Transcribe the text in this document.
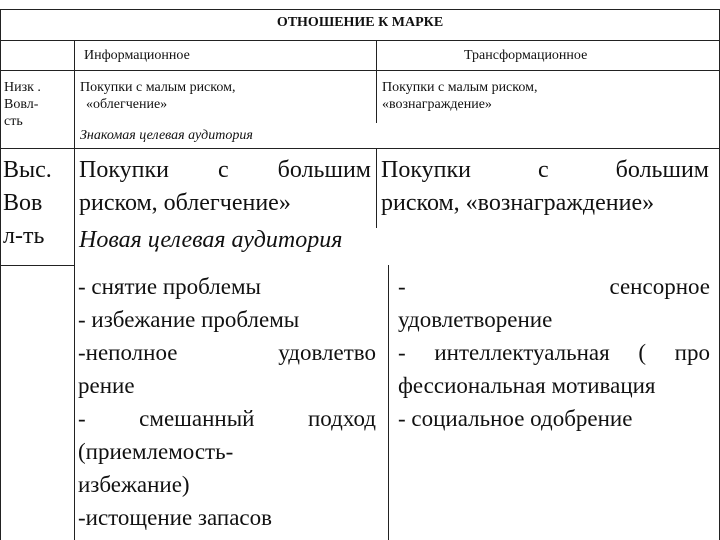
ОТНОШЕНИЕ К МАРКЕ
Информационное	Трансформационное
Низк .
Вовл-
сть
Покупки с малым риском,
«облегчение»
Покупки с малым риском,
«вознаграждение»
Знакомая целевая аудитория
Выс.
Вов
л-ть
Покупки с большим
риском, облегчение»
Покупки с большим
риском, «вознаграждение»
Новая целевая аудитория
- снятие проблемы
- избежание проблемы
-неполное удовлетво
рение
- смешанный подход
(приемлемость-
избежание)
-истощение запасов
- сенсорное
удовлетворение
- интеллектуальная ( про
фессиональная мотивация
- социальное одобрение
